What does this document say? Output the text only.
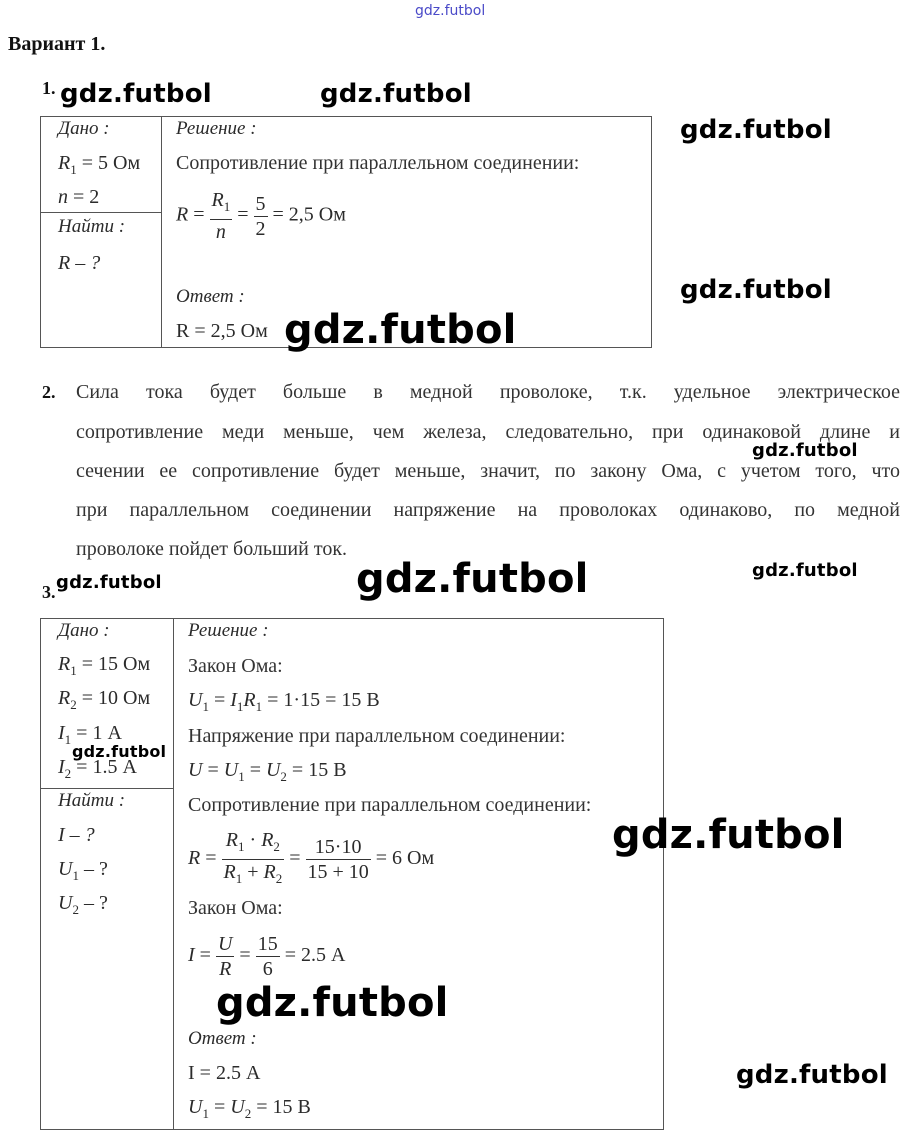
gdz.futbol
Вариант 1.
1. gdz.futbol	gdz.futbol
gdz.futbol
gdz.futbol
Дано :
$R_1 = 5$ Ом
n = 2
Найти :
R – ?
Решение :
Сопротивление при параллельном соединении:
$R = \frac{R_1}{n} = \frac{5}{2} = 2,5$ Ом
Ответ :
R = 2,5 Ом gdz.futbol
2. Сила тока будет больше в медной проволоке, т.к. удельное электрическое
сопротивление меди меньше, чем железа, следовательно, при одинаковой длине и
сечении ее сопротивление будет меньше, значит, по закону Ома, с учетом того, что
при параллельном соединении напряжение на проволоках одинаково, по медной
проволоке пойдет больший ток.
gdz.futbol
3. gdz.futbol	gdz.futbol	gdz.futbol
Дано :
$R_1 = 15$ Ом
$R_2 = 10$ Ом
$I_1 = 1$ А
$I_2 = 1.5$ А
gdz.futbol
Найти :
I – ?
$U_1$ – ?
$U_2$ – ?
Решение :
Закон Ома:
$U_1 = I_1R_1 = 1\cdot 15 = 15$ В
Напряжение при параллельном соединении:
$U = U_1 = U_2 = 15$ В
Сопротивление при параллельном соединении:
$R = \frac{R_1 \cdot R_2}{R_1 + R_2} = \frac{15\cdot 10}{15 + 10} = 6$ Ом
Закон Ома:
$I = \frac{U}{R} = \frac{15}{6} = 2.5$ А
Ответ :
I = 2.5 А
$U_1 = U_2 = 15$ В
gdz.futbol
gdz.futbol
gdz.futbol
